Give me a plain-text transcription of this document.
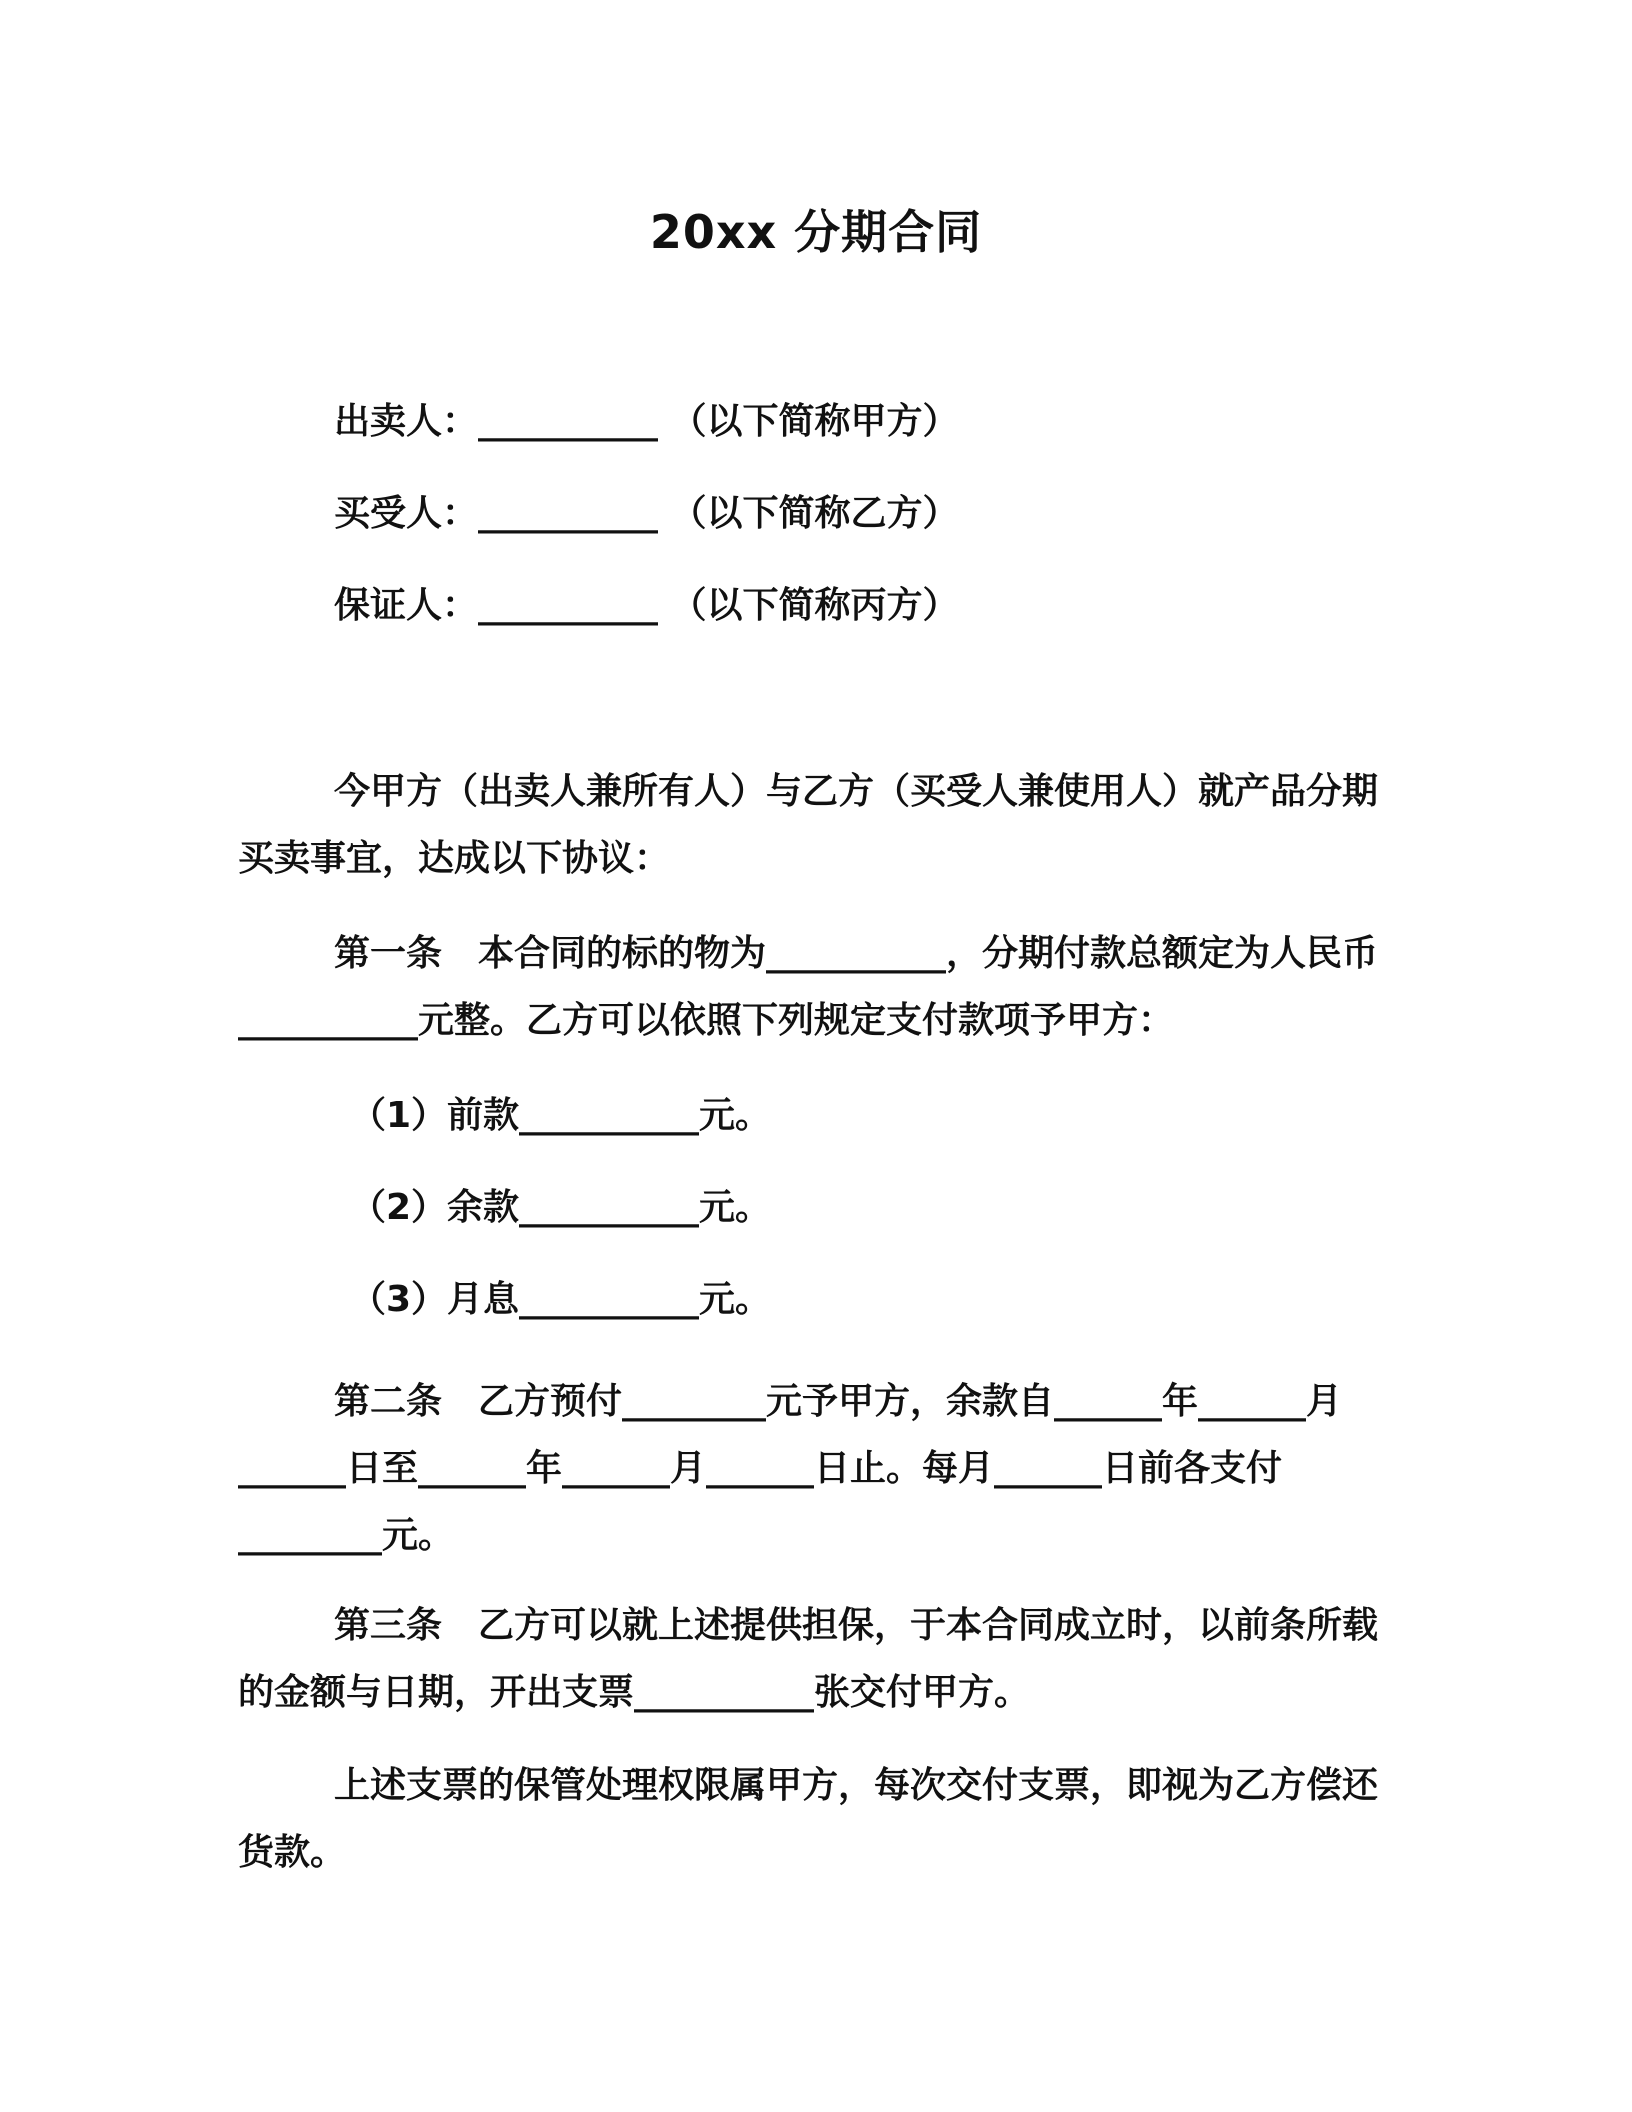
20xx 分期合同
出卖人：__________ （以下简称甲方）
买受人：__________ （以下简称乙方）
保证人：__________ （以下简称丙方）
今甲方（出卖人兼所有人）与乙方（买受人兼使用人）就产品分期买卖事宜，达成以下协议：
第一条　本合同的标的物为__________，分期付款总额定为人民币__________元整。乙方可以依照下列规定支付款项予甲方：
（1）前款__________元。
（2）余款__________元。
（3）月息__________元。
第二条　乙方预付________元予甲方，余款自______年______月______日至______年______月______日止。每月______日前各支付________元。
第三条　乙方可以就上述提供担保，于本合同成立时，以前条所载的金额与日期，开出支票__________张交付甲方。
上述支票的保管处理权限属甲方，每次交付支票，即视为乙方偿还货款。
